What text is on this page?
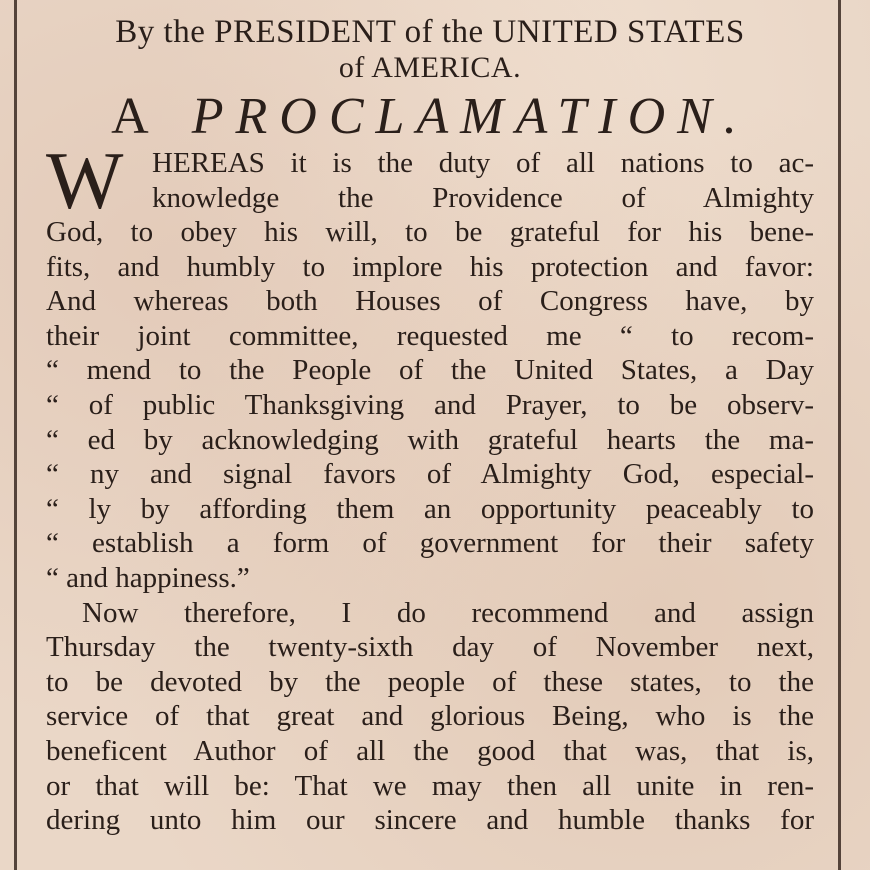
By the PRESIDENT of the UNITED STATES
of AMERICA.
A PROCLAMATION.
W HEREAS it is the duty of all nations to ac-
knowledge the Providence of Almighty
God, to obey his will, to be grateful for his bene-
fits, and humbly to implore his protection and favor:
And whereas both Houses of Congress have, by
their joint committee, requested me “ to recom-
“ mend to the People of the United States, a Day
“ of public Thanksgiving and Prayer, to be observ-
“ ed by acknowledging with grateful hearts the ma-
“ ny and signal favors of Almighty God, especial-
“ ly by affording them an opportunity peaceably to
“ establish a form of government for their safety
“ and happiness.”
Now therefore, I do recommend and assign
Thursday the twenty-sixth day of November next,
to be devoted by the people of these states, to the
service of that great and glorious Being, who is the
beneficent Author of all the good that was, that is,
or that will be: That we may then all unite in ren-
dering unto him our sincere and humble thanks for
